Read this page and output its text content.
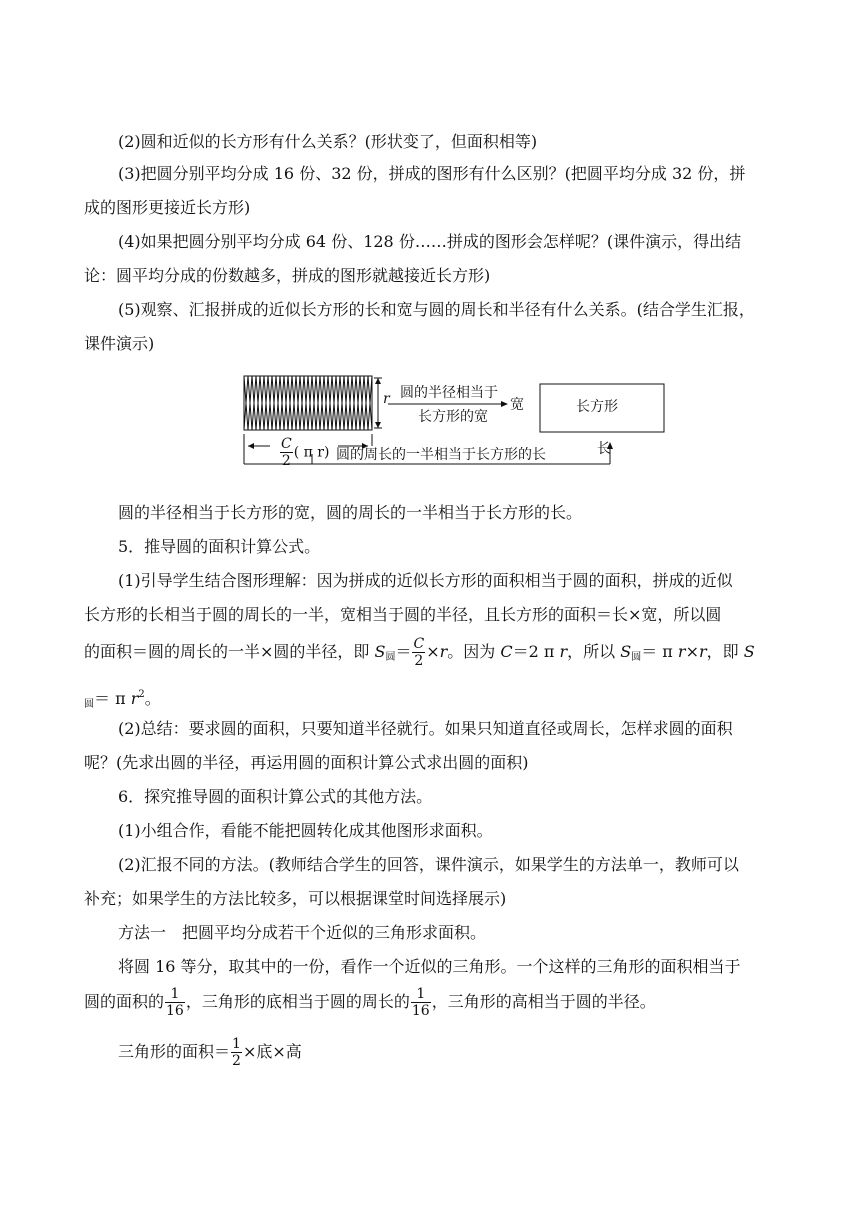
(2)圆和近似的长方形有什么关系？(形状变了，但面积相等)
(3)把圆分别平均分成 16 份、32 份，拼成的图形有什么区别？(把圆平均分成 32 份，拼
成的图形更接近长方形)
(4)如果把圆分别平均分成 64 份、128 份……拼成的图形会怎样呢？(课件演示，得出结
论：圆平均分成的份数越多，拼成的图形就越接近长方形)
(5)观察、汇报拼成的近似长方形的长和宽与圆的周长和半径有什么关系。(结合学生汇报，
课件演示)
r
$\frac{C}{2}$ ( π r)
圆的半径相当于
长方形的宽
宽	长方形
长
圆的周长的一半相当于长方形的长
圆的半径相当于长方形的宽，圆的周长的一半相当于长方形的长。
5．推导圆的面积计算公式。
(1)引导学生结合图形理解：因为拼成的近似长方形的面积相当于圆的面积，拼成的近似
长方形的长相当于圆的周长的一半，宽相当于圆的半径，且长方形的面积＝长×宽，所以圆
的面积＝圆的周长的一半×圆的半径，即 $S_圆= \frac{C}{2} \times r$。因为 C＝2 π r，所以 $S_圆= \pi$ r×r，即 S
$_圆$＝ π $r^2$。
(2)总结：要求圆的面积，只要知道半径就行。如果只知道直径或周长，怎样求圆的面积
呢？(先求出圆的半径，再运用圆的面积计算公式求出圆的面积)
6．探究推导圆的面积计算公式的其他方法。
(1)小组合作，看能不能把圆转化成其他图形求面积。
(2)汇报不同的方法。(教师结合学生的回答，课件演示，如果学生的方法单一，教师可以
补充；如果学生的方法比较多，可以根据课堂时间选择展示)
方法一　把圆平均分成若干个近似的三角形求面积。
将圆 16 等分，取其中的一份，看作一个近似的三角形。一个这样的三角形的面积相当于
圆的面积的 $\frac{1}{16}$ ，三角形的底相当于圆的周长的 $\frac{1}{16}$ ，三角形的高相当于圆的半径。
三角形的面积＝ $\frac{1}{2}$ ×底×高
